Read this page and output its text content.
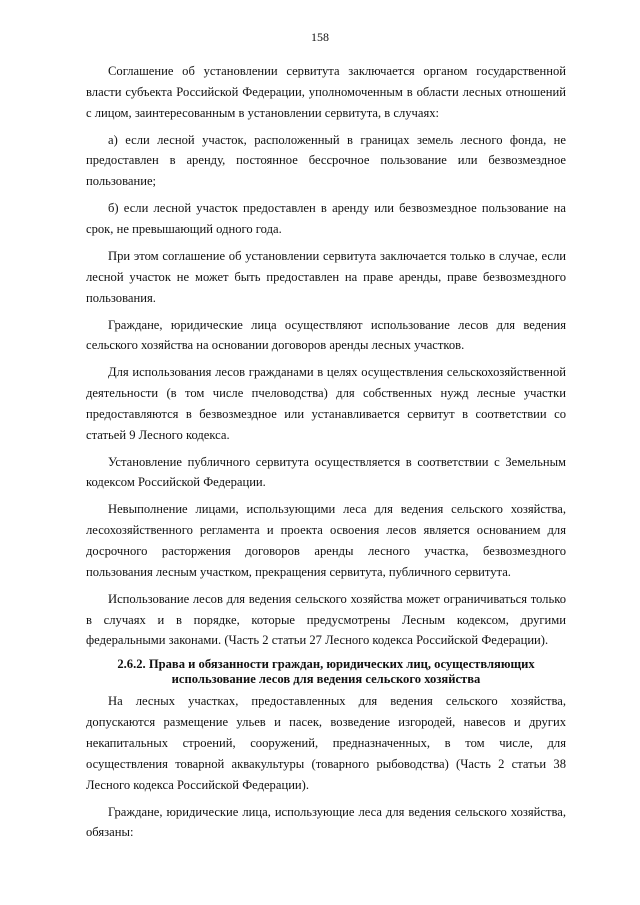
158

Соглашение об установлении сервитута заключается органом государственной власти субъекта Российской Федерации, уполномоченным в области лесных отношений с лицом, заинтересованным в установлении сервитута, в случаях:

а) если лесной участок, расположенный в границах земель лесного фонда, не предоставлен в аренду, постоянное бессрочное пользование или безвозмездное пользование;

б) если лесной участок предоставлен в аренду или безвозмездное пользование на срок, не превышающий одного года.

При этом соглашение об установлении сервитута заключается только в случае, если лесной участок не может быть предоставлен на праве аренды, праве безвозмездного пользования.

Граждане, юридические лица осуществляют использование лесов для ведения сельского хозяйства на основании договоров аренды лесных участков.

Для использования лесов гражданами в целях осуществления сельскохозяйственной деятельности (в том числе пчеловодства) для собственных нужд лесные участки предоставляются в безвозмездное или устанавливается сервитут в соответствии со статьей 9 Лесного кодекса.

Установление публичного сервитута осуществляется в соответствии с Земельным кодексом Российской Федерации.

Невыполнение лицами, использующими леса для ведения сельского хозяйства, лесохозяйственного регламента и проекта освоения лесов является основанием для досрочного расторжения договоров аренды лесного участка, безвозмездного пользования лесным участком, прекращения сервитута, публичного сервитута.

Использование лесов для ведения сельского хозяйства может ограничиваться только в случаях и в порядке, которые предусмотрены Лесным кодексом, другими федеральными законами. (Часть 2 статьи 27 Лесного кодекса Российской Федерации).

2.6.2. Права и обязанности граждан, юридических лиц, осуществляющих
использование лесов для ведения сельского хозяйства

На лесных участках, предоставленных для ведения сельского хозяйства, допускаются размещение ульев и пасек, возведение изгородей, навесов и других некапитальных строений, сооружений, предназначенных, в том числе, для осуществления товарной аквакультуры (товарного рыбоводства) (Часть 2 статьи 38 Лесного кодекса Российской Федерации).

Граждане, юридические лица, использующие леса для ведения сельского хозяйства, обязаны:
